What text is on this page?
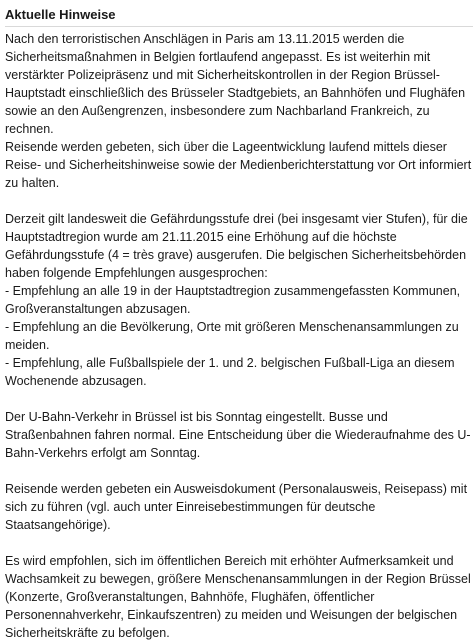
Aktuelle Hinweise

Nach den terroristischen Anschlägen in Paris am 13.11.2015 werden die Sicherheitsmaßnahmen in Belgien fortlaufend angepasst. Es ist weiterhin mit verstärkter Polizeipräsenz und mit Sicherheitskontrollen in der Region Brüssel-Hauptstadt einschließlich des Brüsseler Stadtgebiets, an Bahnhöfen und Flughäfen sowie an den Außengrenzen, insbesondere zum Nachbarland Frankreich, zu rechnen.
Reisende werden gebeten, sich über die Lageentwicklung laufend mittels dieser Reise- und Sicherheitshinweise sowie der Medienberichterstattung vor Ort informiert zu halten.

Derzeit gilt landesweit die Gefährdungsstufe drei (bei insgesamt vier Stufen), für die Hauptstadtregion wurde am 21.11.2015 eine Erhöhung auf die höchste Gefährdungsstufe (4 = très grave) ausgerufen. Die belgischen Sicherheitsbehörden haben folgende Empfehlungen ausgesprochen:
- Empfehlung an alle 19 in der Hauptstadtregion zusammengefassten Kommunen, Großveranstaltungen abzusagen.
- Empfehlung an die Bevölkerung, Orte mit größeren Menschenansammlungen zu meiden.
- Empfehlung, alle Fußballspiele der 1. und 2. belgischen Fußball-Liga an diesem Wochenende abzusagen.

Der U-Bahn-Verkehr in Brüssel ist bis Sonntag eingestellt. Busse und Straßenbahnen fahren normal. Eine Entscheidung über die Wiederaufnahme des U-Bahn-Verkehrs erfolgt am Sonntag.

Reisende werden gebeten ein Ausweisdokument (Personalausweis, Reisepass) mit sich zu führen (vgl. auch unter Einreisebestimmungen für deutsche Staatsangehörige).

Es wird empfohlen, sich im öffentlichen Bereich mit erhöhter Aufmerksamkeit und Wachsamkeit zu bewegen, größere Menschenansammlungen in der Region Brüssel (Konzerte, Großveranstaltungen, Bahnhöfe, Flughäfen, öffentlicher Personennahverkehr, Einkaufszentren) zu meiden und Weisungen der belgischen Sicherheitskräfte zu befolgen.
